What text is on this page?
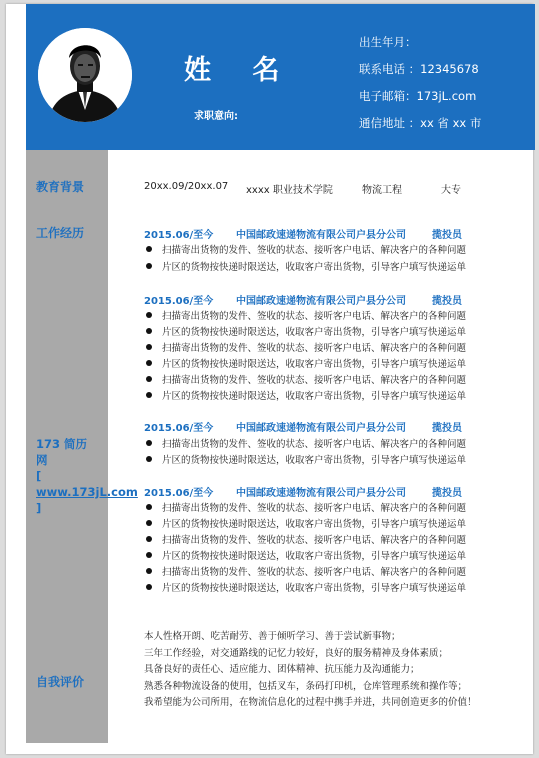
姓 名
求职意向:
出生年月：
联系电话 ：12345678
电子邮箱：173jL.com
通信地址 ：xx 省 xx 市
教育背景
工作经历
173 简历网
[ www.173jL.com
]
自我评价
20xx.09/20xx.07 xxxx 职业技术学院	物流工程	大专
2015.06/至今 中国邮政速递物流有限公司户县分公司	揽投员
扫描寄出货物的发件、签收的状态、接听客户电话、解决客户的各种问题
片区的货物按快递时限送达，收取客户寄出货物，引导客户填写快递运单
2015.06/至今 中国邮政速递物流有限公司户县分公司	揽投员
扫描寄出货物的发件、签收的状态、接听客户电话、解决客户的各种问题
片区的货物按快递时限送达，收取客户寄出货物，引导客户填写快递运单
扫描寄出货物的发件、签收的状态、接听客户电话、解决客户的各种问题
片区的货物按快递时限送达，收取客户寄出货物，引导客户填写快递运单
扫描寄出货物的发件、签收的状态、接听客户电话、解决客户的各种问题
片区的货物按快递时限送达，收取客户寄出货物，引导客户填写快递运单
2015.06/至今 中国邮政速递物流有限公司户县分公司	揽投员
扫描寄出货物的发件、签收的状态、接听客户电话、解决客户的各种问题
片区的货物按快递时限送达，收取客户寄出货物，引导客户填写快递运单
2015.06/至今 中国邮政速递物流有限公司户县分公司	揽投员
扫描寄出货物的发件、签收的状态、接听客户电话、解决客户的各种问题
片区的货物按快递时限送达，收取客户寄出货物，引导客户填写快递运单
扫描寄出货物的发件、签收的状态、接听客户电话、解决客户的各种问题
片区的货物按快递时限送达，收取客户寄出货物，引导客户填写快递运单
扫描寄出货物的发件、签收的状态、接听客户电话、解决客户的各种问题
片区的货物按快递时限送达，收取客户寄出货物，引导客户填写快递运单
本人性格开朗、吃苦耐劳、善于倾听学习、善于尝试新事物；
三年工作经验，对交通路线的记忆力较好，良好的服务精神及身体素质；
具备良好的责任心、适应能力、团体精神、抗压能力及沟通能力；
熟悉各种物流设备的使用，包括叉车，条码打印机，仓库管理系统和操作等；
我希望能为公司所用，在物流信息化的过程中携手并进，共同创造更多的价值！
